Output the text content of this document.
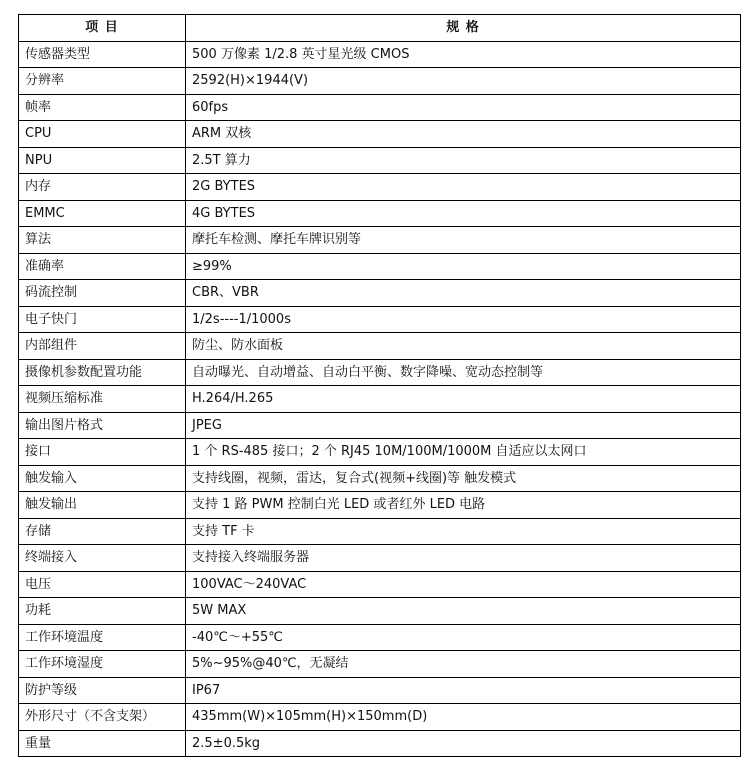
项 目	规 格
传感器类型	500 万像素 1/2.8 英寸星光级 CMOS
分辨率	2592(H)×1944(V)
帧率	60fps
CPU	ARM 双核
NPU	2.5T 算力
内存	2G BYTES
EMMC	4G BYTES
算法	摩托车检测、摩托车牌识别等
准确率	≥99%
码流控制	CBR、VBR
电子快门	1/2s----1/1000s
内部组件	防尘、防水面板
摄像机参数配置功能	自动曝光、自动增益、自动白平衡、数字降噪、宽动态控制等
视频压缩标准	H.264/H.265
输出图片格式	JPEG
接口	1 个 RS-485 接口；2 个 RJ45 10M/100M/1000M 自适应以太网口
触发输入	支持线圈，视频，雷达，复合式(视频+线圈)等 触发模式
触发输出	支持 1 路 PWM 控制白光 LED 或者红外 LED 电路
存储	支持 TF 卡
终端接入	支持接入终端服务器
电压	100VAC～240VAC
功耗	5W MAX
工作环境温度	-40℃～+55℃
工作环境湿度	5%~95%@40℃，无凝结
防护等级	IP67
外形尺寸（不含支架）	435mm(W)×105mm(H)×150mm(D)
重量	2.5±0.5kg
